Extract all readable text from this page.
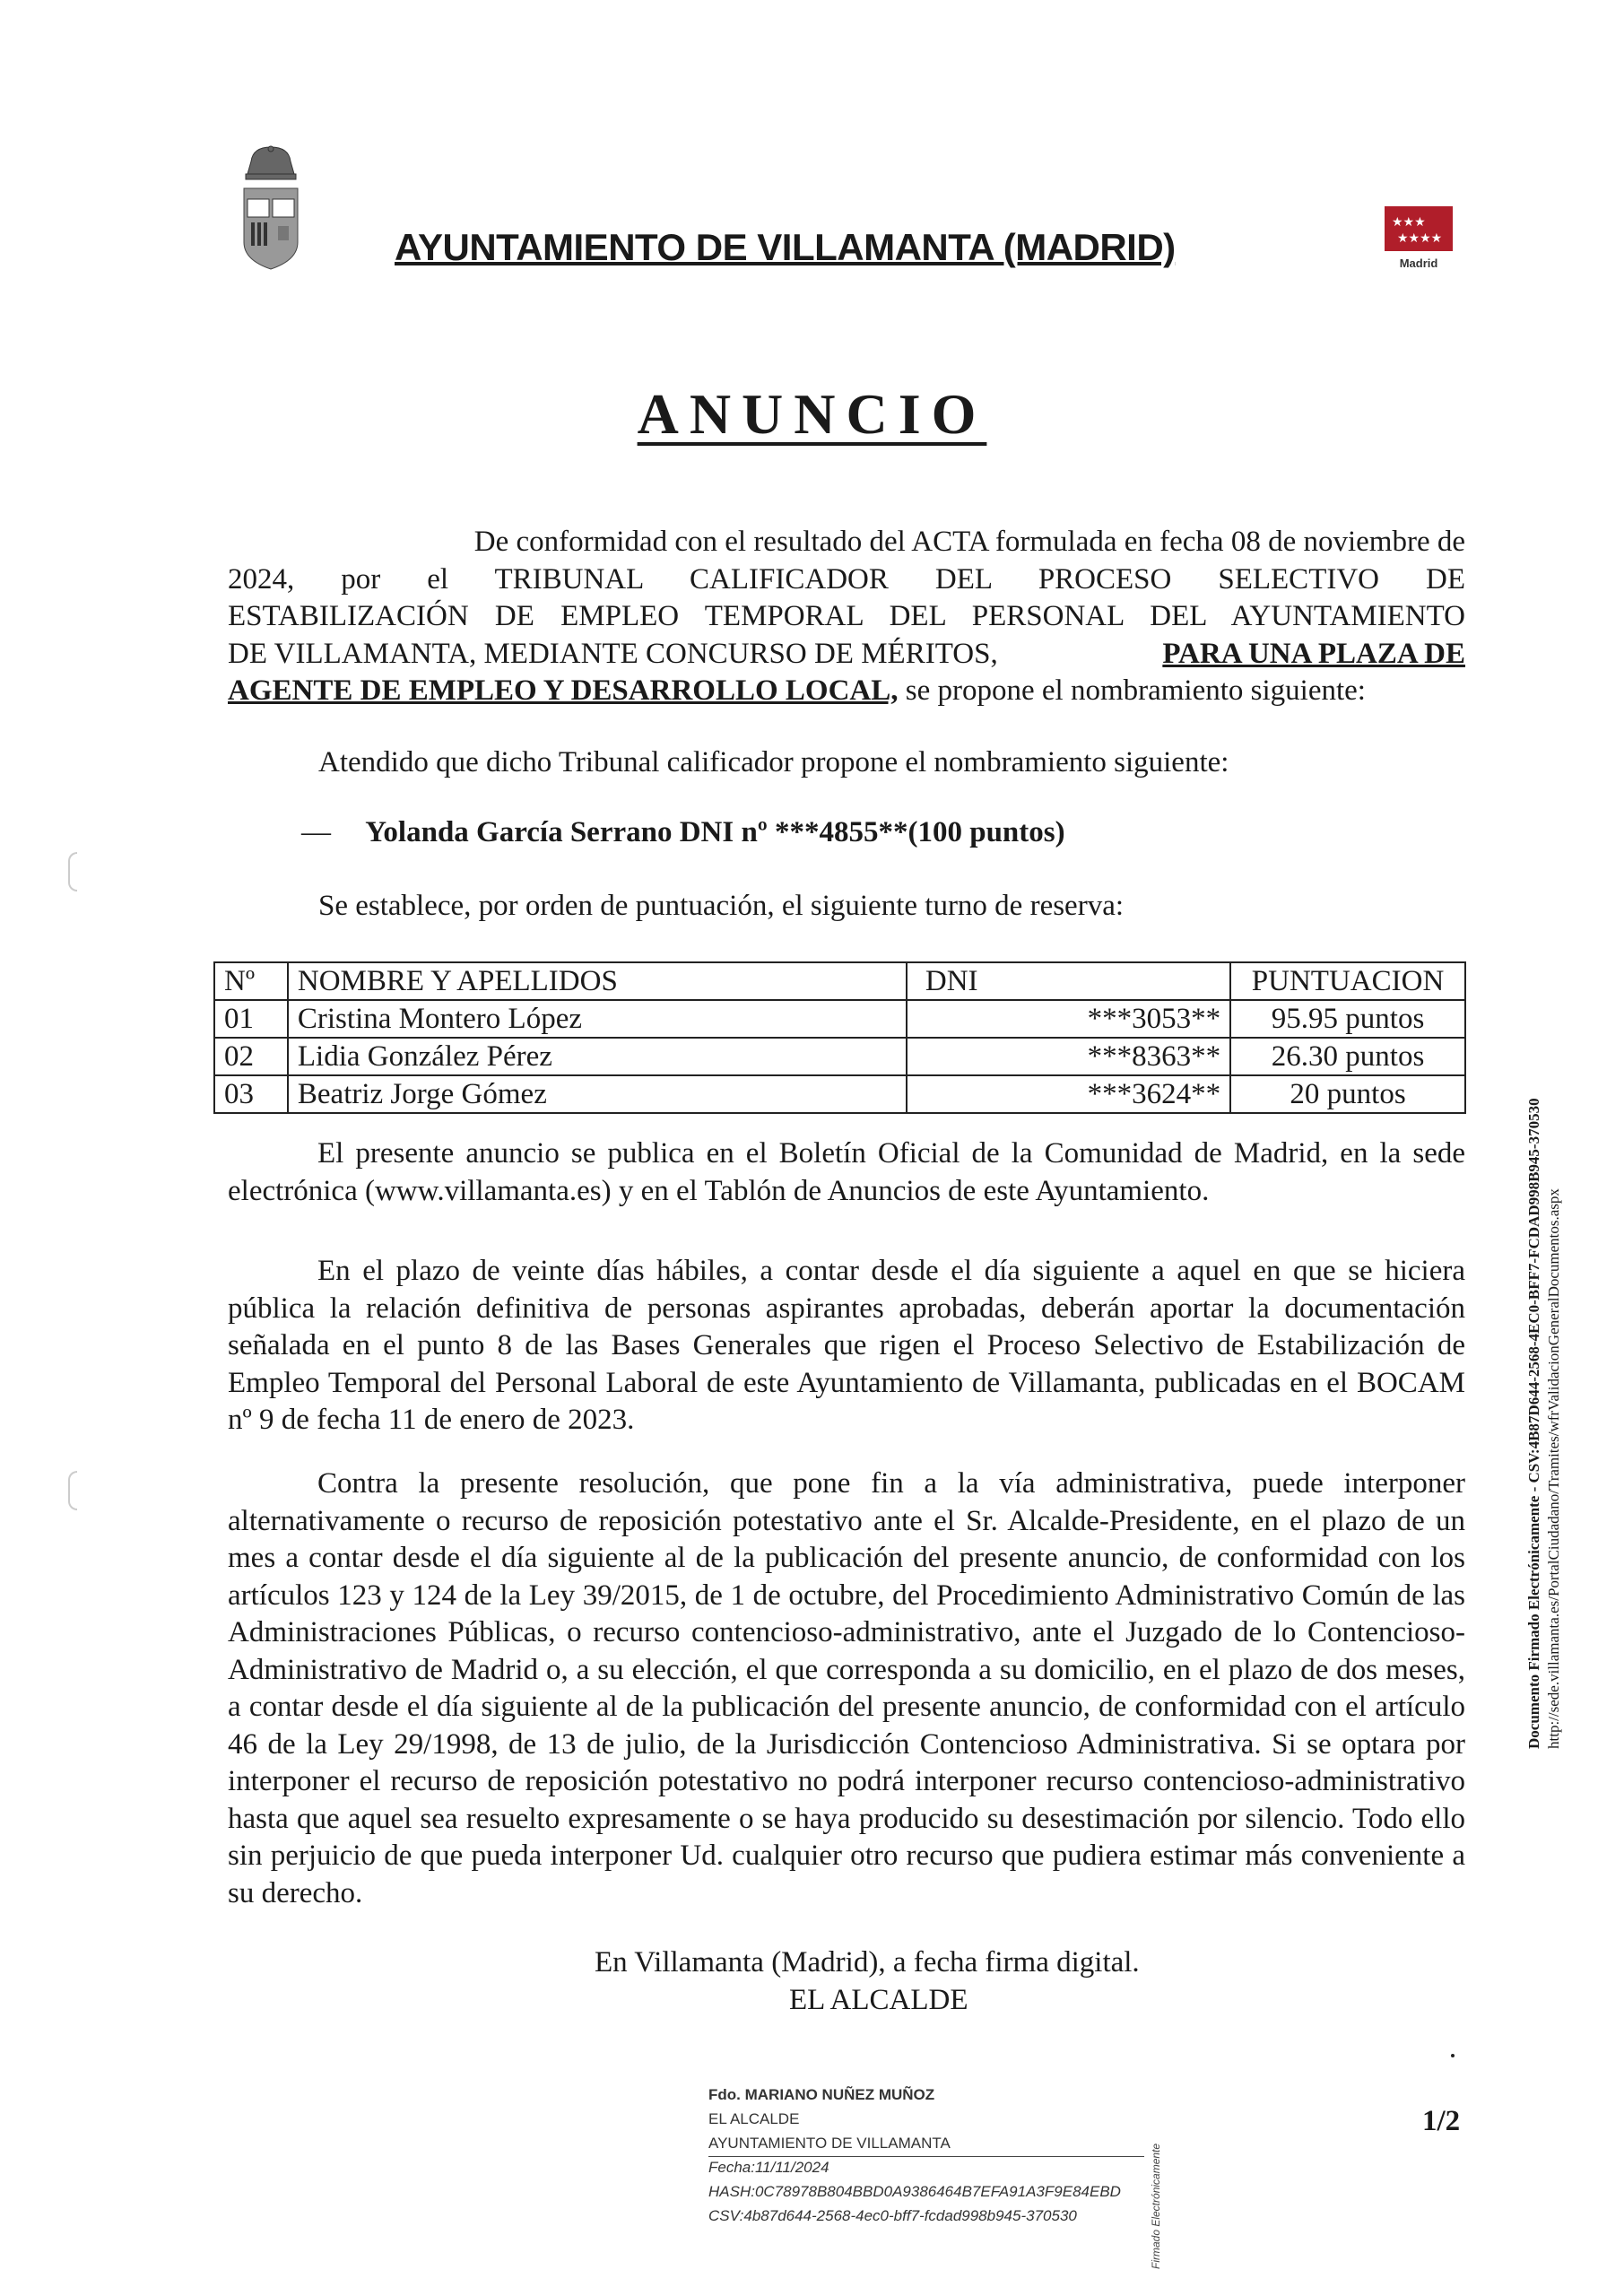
★★★
★★★★
Madrid
AYUNTAMIENTO DE VILLAMANTA (MADRID)
ANUNCIO
De conformidad con el resultado del ACTA formulada en fecha 08 de noviembre de
2024, por el TRIBUNAL CALIFICADOR DEL PROCESO SELECTIVO DE
ESTABILIZACIÓN DE EMPLEO TEMPORAL DEL PERSONAL DEL AYUNTAMIENTO
DE VILLAMANTA, MEDIANTE CONCURSO DE MÉRITOS,	PARA UNA PLAZA DE
AGENTE DE EMPLEO Y DESARROLLO LOCAL, se propone el nombramiento siguiente:
Atendido que dicho Tribunal calificador propone el nombramiento siguiente:
— Yolanda García Serrano DNI nº ***4855**(100 puntos)
Se establece, por orden de puntuación, el siguiente turno de reserva:
Nº	NOMBRE Y APELLIDOS	DNI	PUNTUACION
01	Cristina Montero López	***3053**	95.95 puntos
02	Lidia González Pérez	***8363**	26.30 puntos
03	Beatriz Jorge Gómez	***3624**	20 puntos
El presente anuncio se publica en el Boletín Oficial de la Comunidad de Madrid, en la sede electrónica (www.villamanta.es) y en el Tablón de Anuncios de este Ayuntamiento.
En el plazo de veinte días hábiles, a contar desde el día siguiente a aquel en que se hiciera pública la relación definitiva de personas aspirantes aprobadas, deberán aportar la documentación señalada en el punto 8 de las Bases Generales que rigen el Proceso Selectivo de Estabilización de Empleo Temporal del Personal Laboral de este Ayuntamiento de Villamanta, publicadas en el BOCAM nº 9 de fecha 11 de enero de 2023.
Contra la presente resolución, que pone fin a la vía administrativa, puede interponer alternativamente o recurso de reposición potestativo ante el Sr. Alcalde-Presidente, en el plazo de un mes a contar desde el día siguiente al de la publicación del presente anuncio, de conformidad con los artículos 123 y 124 de la Ley 39/2015, de 1 de octubre, del Procedimiento Administrativo Común de las Administraciones Públicas, o recurso contencioso-administrativo, ante el Juzgado de lo Contencioso-Administrativo de Madrid o, a su elección, el que corresponda a su domicilio, en el plazo de dos meses, a contar desde el día siguiente al de la publicación del presente anuncio, de conformidad con el artículo 46 de la Ley 29/1998, de 13 de julio, de la Jurisdicción Contencioso Administrativa. Si se optara por interponer el recurso de reposición potestativo no podrá interponer recurso contencioso-administrativo hasta que aquel sea resuelto expresamente o se haya producido su desestimación por silencio. Todo ello sin perjuicio de que pueda interponer Ud. cualquier otro recurso que pudiera estimar más conveniente a su derecho.
En Villamanta (Madrid), a fecha firma digital.
EL ALCALDE
Documento Firmado Electrónicamente - CSV:4B87D644-2568-4EC0-BFF7-FCDAD998B945-370530 http://sede.villamanta.es/PortalCiudadano/Tramites/wfrValidacionGeneralDocumentos.aspx
Fdo. MARIANO NUÑEZ MUÑOZ
EL ALCALDE
AYUNTAMIENTO DE VILLAMANTA
Fecha:11/11/2024
HASH:0C78978B804BBD0A9386464B7EFA91A3F9E84EBD
CSV:4b87d644-2568-4ec0-bff7-fcdad998b945-370530	Firmado Electrónicamente
1/2
